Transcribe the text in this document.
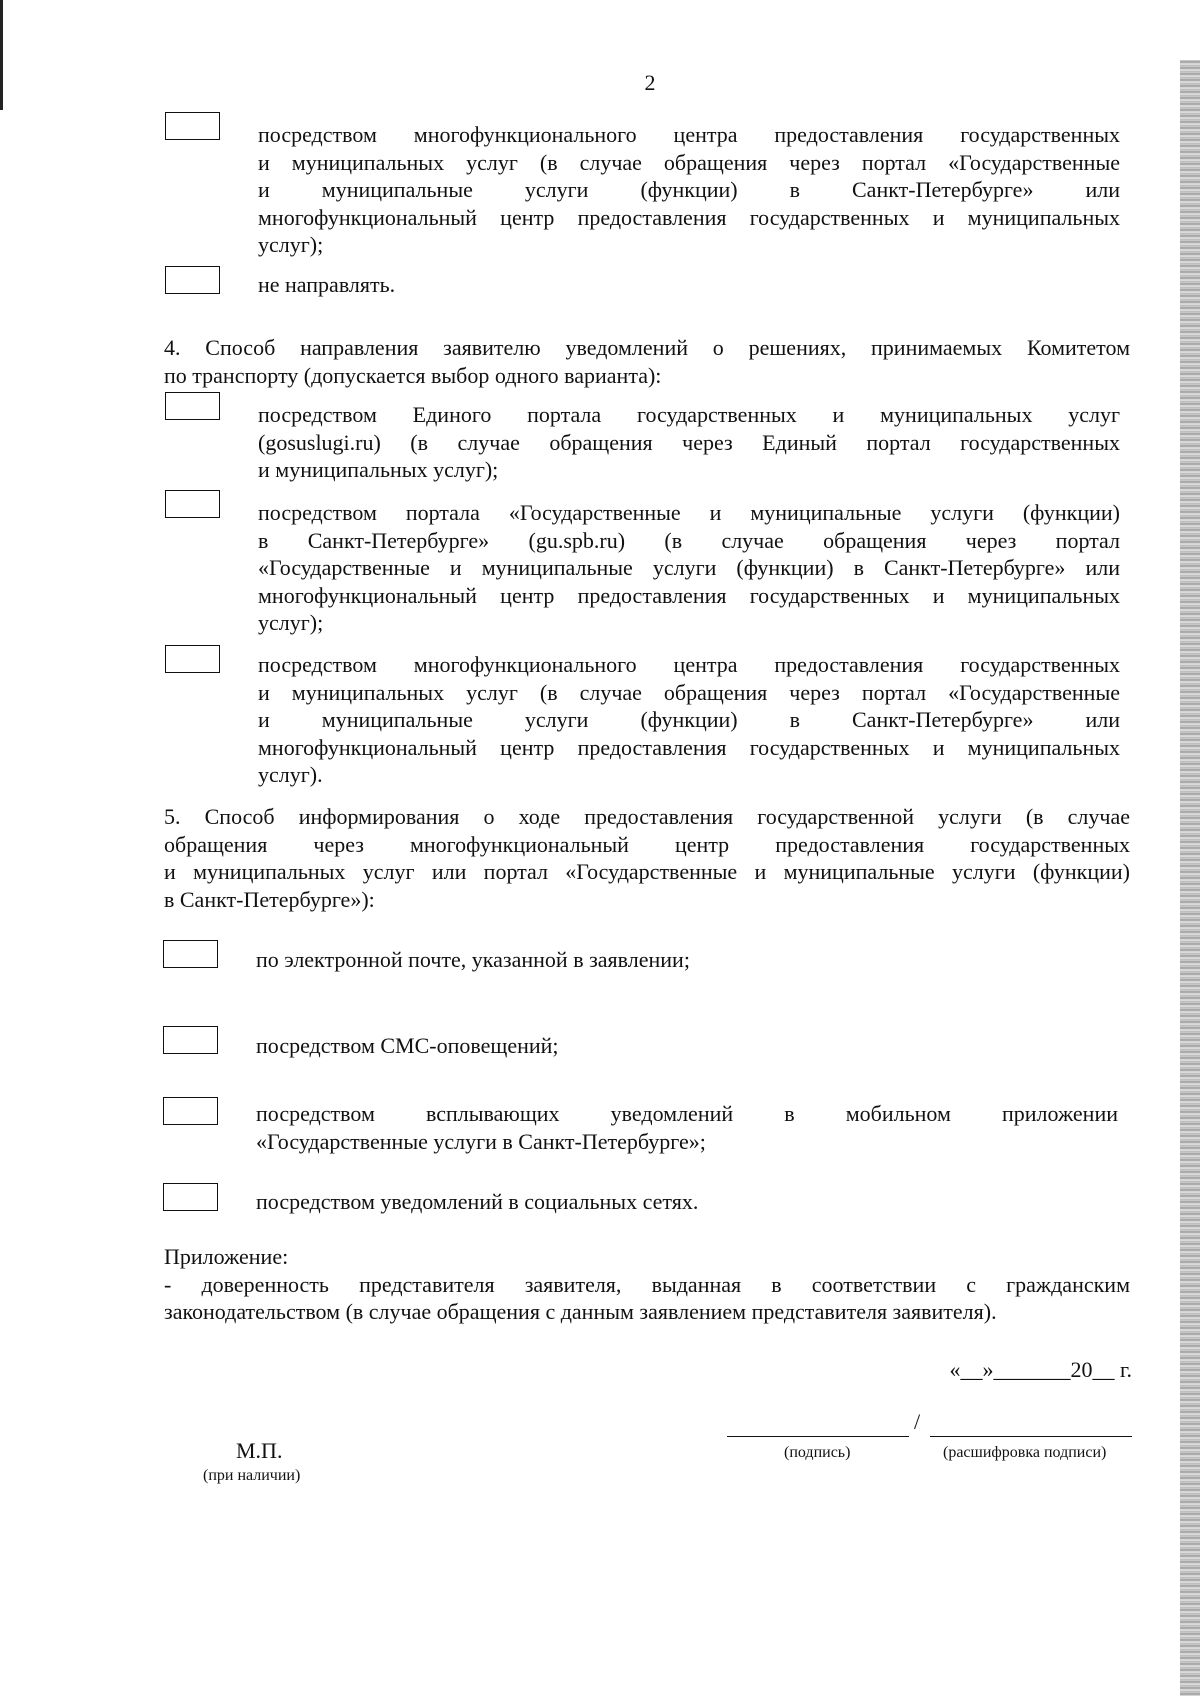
2
посредством многофункционального центра предоставления государственных
и муниципальных услуг (в случае обращения через портал «Государственные
и муниципальные услуги (функции) в Санкт-Петербурге» или
многофункциональный центр предоставления государственных и муниципальных
услуг);
не направлять.
4. Способ направления заявителю уведомлений о решениях, принимаемых Комитетом
по транспорту (допускается выбор одного варианта):
посредством Единого портала государственных и муниципальных услуг
(gosuslugi.ru) (в случае обращения через Единый портал государственных
и муниципальных услуг);
посредством портала «Государственные и муниципальные услуги (функции)
в Санкт-Петербурге» (gu.spb.ru) (в случае обращения через портал
«Государственные и муниципальные услуги (функции) в Санкт-Петербурге» или
многофункциональный центр предоставления государственных и муниципальных
услуг);
посредством многофункционального центра предоставления государственных
и муниципальных услуг (в случае обращения через портал «Государственные
и муниципальные услуги (функции) в Санкт-Петербурге» или
многофункциональный центр предоставления государственных и муниципальных
услуг).
5. Способ информирования о ходе предоставления государственной услуги (в случае
обращения через многофункциональный центр предоставления государственных
и муниципальных услуг или портал «Государственные и муниципальные услуги (функции)
в Санкт-Петербурге»):
по электронной почте, указанной в заявлении;
посредством СМС-оповещений;
посредством всплывающих уведомлений в мобильном приложении
«Государственные услуги в Санкт-Петербурге»;
посредством уведомлений в социальных сетях.
Приложение:
- доверенность представителя заявителя, выданная в соответствии с гражданским
законодательством (в случае обращения с данным заявлением представителя заявителя).
«__»_______20__ г.
/
(подпись)	(расшифровка подписи)
М.П.
(при наличии)
